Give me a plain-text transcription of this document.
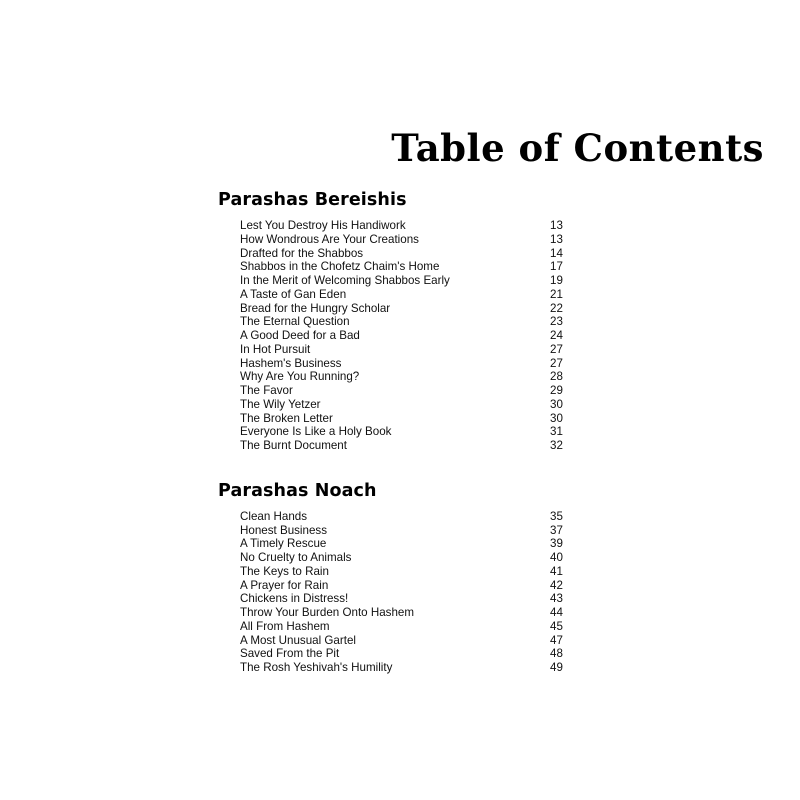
Table of Contents
Parashas Bereishis
Lest You Destroy His Handiwork	13
How Wondrous Are Your Creations	13
Drafted for the Shabbos	14
Shabbos in the Chofetz Chaim's Home	17
In the Merit of Welcoming Shabbos Early	19
A Taste of Gan Eden	21
Bread for the Hungry Scholar	22
The Eternal Question	23
A Good Deed for a Bad	24
In Hot Pursuit	27
Hashem's Business	27
Why Are You Running?	28
The Favor	29
The Wily Yetzer	30
The Broken Letter	30
Everyone Is Like a Holy Book	31
The Burnt Document	32
Parashas Noach
Clean Hands	35
Honest Business	37
A Timely Rescue	39
No Cruelty to Animals	40
The Keys to Rain	41
A Prayer for Rain	42
Chickens in Distress!	43
Throw Your Burden Onto Hashem	44
All From Hashem	45
A Most Unusual Gartel	47
Saved From the Pit	48
The Rosh Yeshivah's Humility	49
